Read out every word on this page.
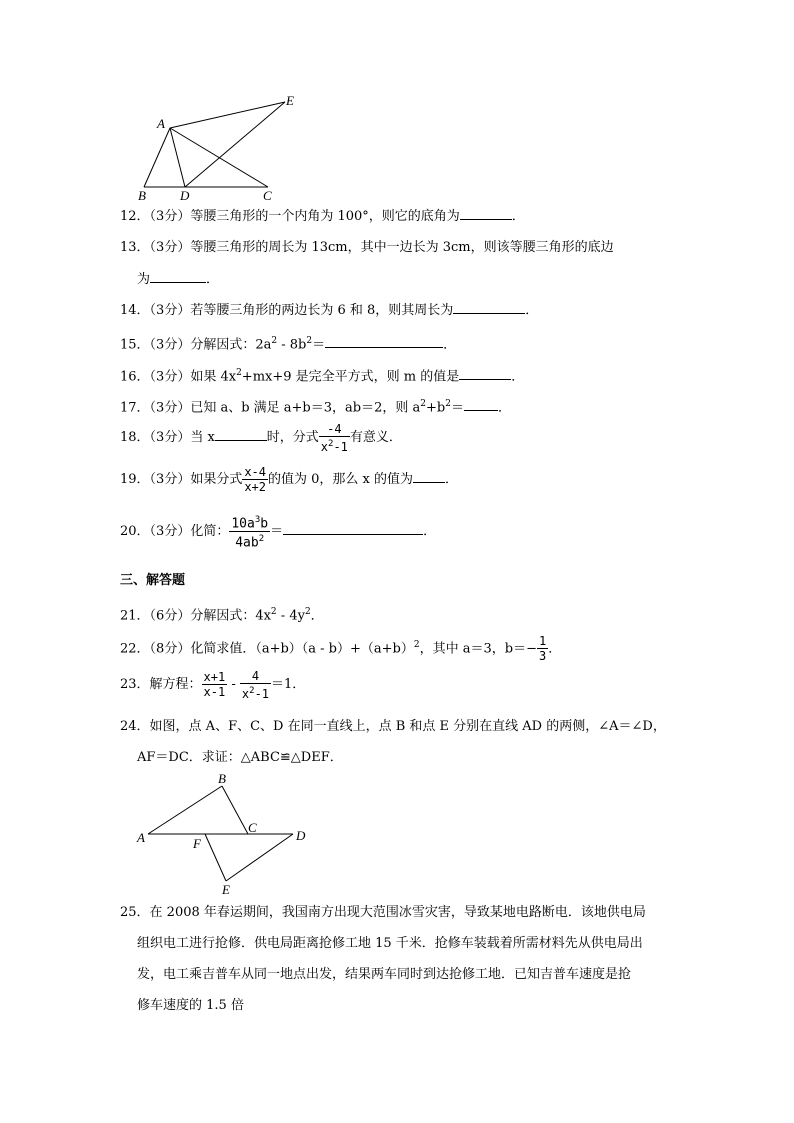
A
E
B	D	C
12．（3分）等腰三角形的一个内角为 100°，则它的底角为	．
13．（3分）等腰三角形的周长为 13cm，其中一边长为 3cm，则该等腰三角形的底边
为	．
14．（3分）若等腰三角形的两边长为 6 和 8，则其周长为	．
15．（3分）分解因式：$2a^2 - 8b^2=$	．
16．（3分）如果 $4x^2+mx+9$ 是完全平方式，则 m 的值是	．
17．（3分）已知 a、b 满足 a+b＝3，ab＝2，则 $a^2+b^2=$	．
18．（3分）当 x	时，分式 $\frac{-4}{x^2-1}$ 有意义．
19．（3分）如果分式 $\frac{x-4}{x+2}$ 的值为 0，那么 x 的值为 ．
20．（3分）化简： $\frac{10a^3b}{4ab^2}$ ＝	．
三、解答题
21．（6分）分解因式：$4x^2 - 4y^2$．
22．（8分）化简求值．$(a+b)(a - b)+(a+b)^2$，其中 a＝3，$b=- \frac{1}{3}$ ．
23．解方程： $\frac{x+1}{x-1} - \frac{4}{x^2-1} =1$．
24．如图，点 A、F、C、D 在同一直线上，点 B 和点 E 分别在直线 AD 的两侧，∠A＝∠D，
AF＝DC．求证：△ABC≌△DEF．
A
B
C
D
F
E
25．在 2008 年春运期间，我国南方出现大范围冰雪灾害，导致某地电路断电．该地供电局
组织电工进行抢修．供电局距离抢修工地 15 千米．抢修车装载着所需材料先从供电局出
发，电工乘吉普车从同一地点出发，结果两车同时到达抢修工地．已知吉普车速度是抢
修车速度的 1.5 倍
